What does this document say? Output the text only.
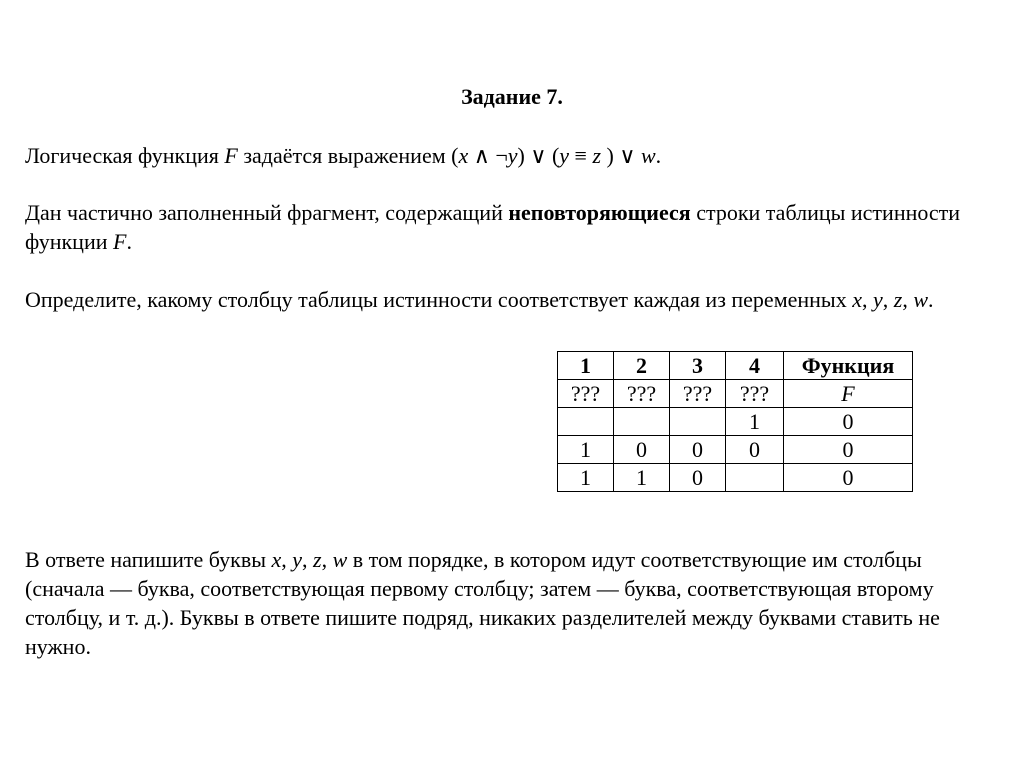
Задание 7.
Логическая функция F задаётся выражением (x ∧ ¬y) ∨ (y ≡ z ) ∨ w.
Дан частично заполненный фрагмент, содержащий неповторяющиеся строки таблицы истинности функции F.
Определите, какому столбцу таблицы истинности соответствует каждая из переменных x, y, z, w.
1	2	3	4	Функция
???	???	???	???	F
			1	0
1	0	0	0	0
1	1	0		0
В ответе напишите буквы x, y, z, w в том порядке, в котором идут соответствующие им столбцы (сначала — буква, соответствующая первому столбцу; затем — буква, соответствующая второму столбцу, и т. д.). Буквы в ответе пишите подряд, никаких разделителей между буквами ставить не нужно.
